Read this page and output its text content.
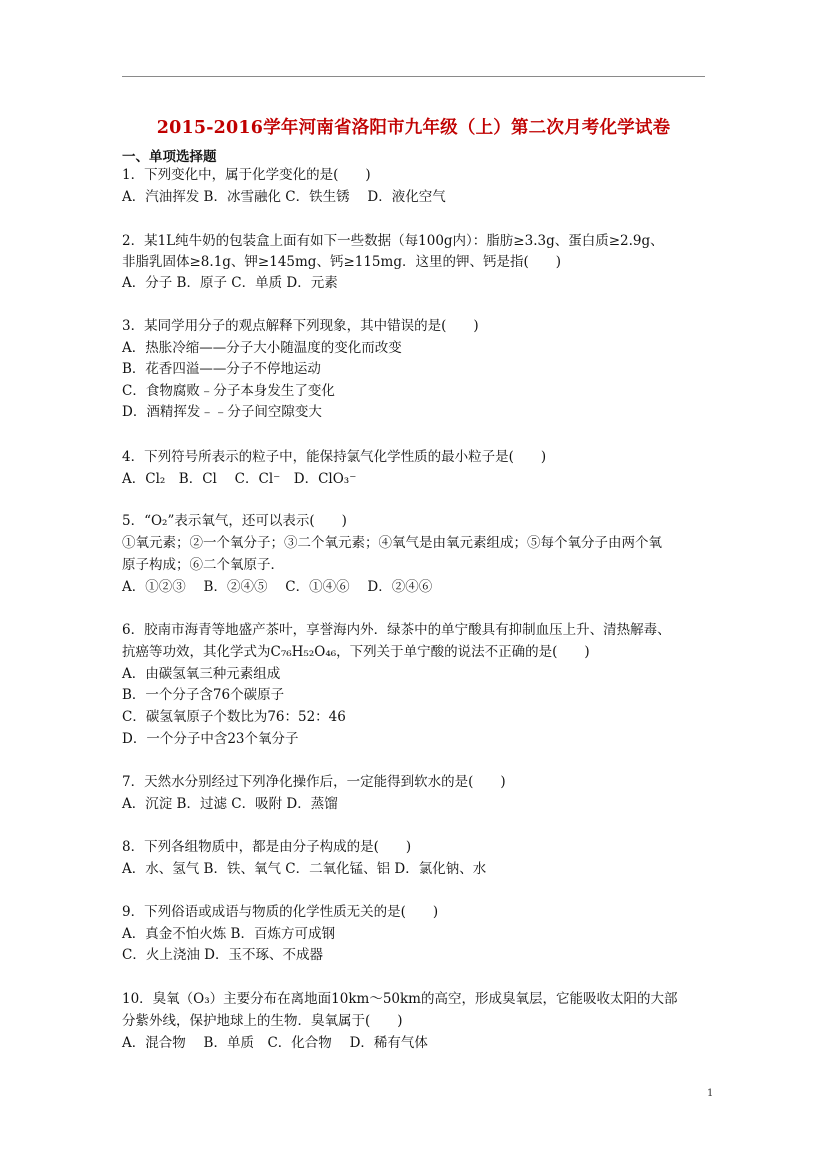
2015-2016学年河南省洛阳市九年级（上）第二次月考化学试卷
一、单项选择题
1．下列变化中，属于化学变化的是(　　)
A．汽油挥发 B．冰雪融化 C．铁生锈　 D．液化空气
2．某1L纯牛奶的包装盒上面有如下一些数据（每100g内）：脂肪≥3.3g、蛋白质≥2.9g、
非脂乳固体≥8.1g、钾≥145mg、钙≥115mg．这里的钾、钙是指(　　)
A．分子 B．原子 C．单质 D．元素
3．某同学用分子的观点解释下列现象，其中错误的是(　　)
A．热胀冷缩——分子大小随温度的变化而改变
B．花香四溢——分子不停地运动
C．食物腐败﹣分子本身发生了变化
D．酒精挥发﹣﹣分子间空隙变大
4．下列符号所表示的粒子中，能保持氯气化学性质的最小粒子是(　　)
A．Cl₂　B．Cl　 C．Cl⁻　D．ClO₃⁻
5．“O₂”表示氧气，还可以表示(　　)
①氧元素；②一个氧分子；③二个氧元素；④氧气是由氧元素组成；⑤每个氧分子由两个氧
原子构成；⑥二个氧原子．
A．①②③　 B．②④⑤　 C．①④⑥　 D．②④⑥
6．胶南市海青等地盛产茶叶，享誉海内外．绿茶中的单宁酸具有抑制血压上升、清热解毒、
抗癌等功效，其化学式为C₇₆H₅₂O₄₆，下列关于单宁酸的说法不正确的是(　　)
A．由碳氢氧三种元素组成
B．一个分子含76个碳原子
C．碳氢氧原子个数比为76：52：46
D．一个分子中含23个氧分子
7．天然水分别经过下列净化操作后，一定能得到软水的是(　　)
A．沉淀 B．过滤 C．吸附 D．蒸馏
8．下列各组物质中，都是由分子构成的是(　　)
A．水、氢气 B．铁、氧气 C．二氧化锰、铝 D．氯化钠、水
9．下列俗语或成语与物质的化学性质无关的是(　　)
A．真金不怕火炼 B．百炼方可成钢
C．火上浇油 D．玉不琢、不成器
10．臭氧（O₃）主要分布在离地面10km～50km的高空，形成臭氧层，它能吸收太阳的大部
分紫外线，保护地球上的生物．臭氧属于(　　)
A．混合物　 B．单质　C．化合物　 D．稀有气体
1
